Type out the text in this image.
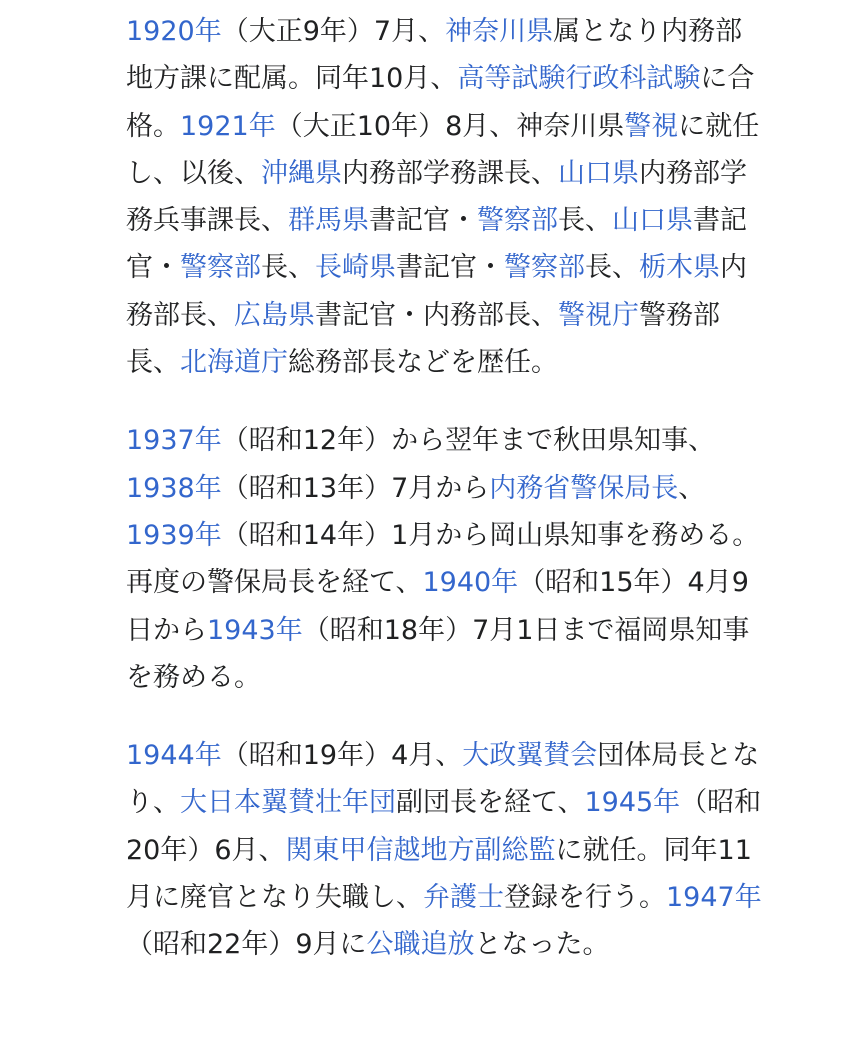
1920年（大正9年）7月、神奈川県属となり内務部地方課に配属。同年10月、高等試験行政科試験に合格。1921年（大正10年）8月、神奈川県警視に就任し、以後、沖縄県内務部学務課長、山口県内務部学務兵事課長、群馬県書記官・警察部長、山口県書記官・警察部長、長崎県書記官・警察部長、栃木県内務部長、広島県書記官・内務部長、警視庁警務部長、北海道庁総務部長などを歴任。

1937年（昭和12年）から翌年まで秋田県知事、1938年（昭和13年）7月から内務省警保局長、1939年（昭和14年）1月から岡山県知事を務める。再度の警保局長を経て、1940年（昭和15年）4月9日から1943年（昭和18年）7月1日まで福岡県知事を務める。

1944年（昭和19年）4月、大政翼賛会団体局長となり、大日本翼賛壮年団副団長を経て、1945年（昭和20年）6月、関東甲信越地方副総監に就任。同年11月に廃官となり失職し、弁護士登録を行う。1947年（昭和22年）9月に公職追放となった。
